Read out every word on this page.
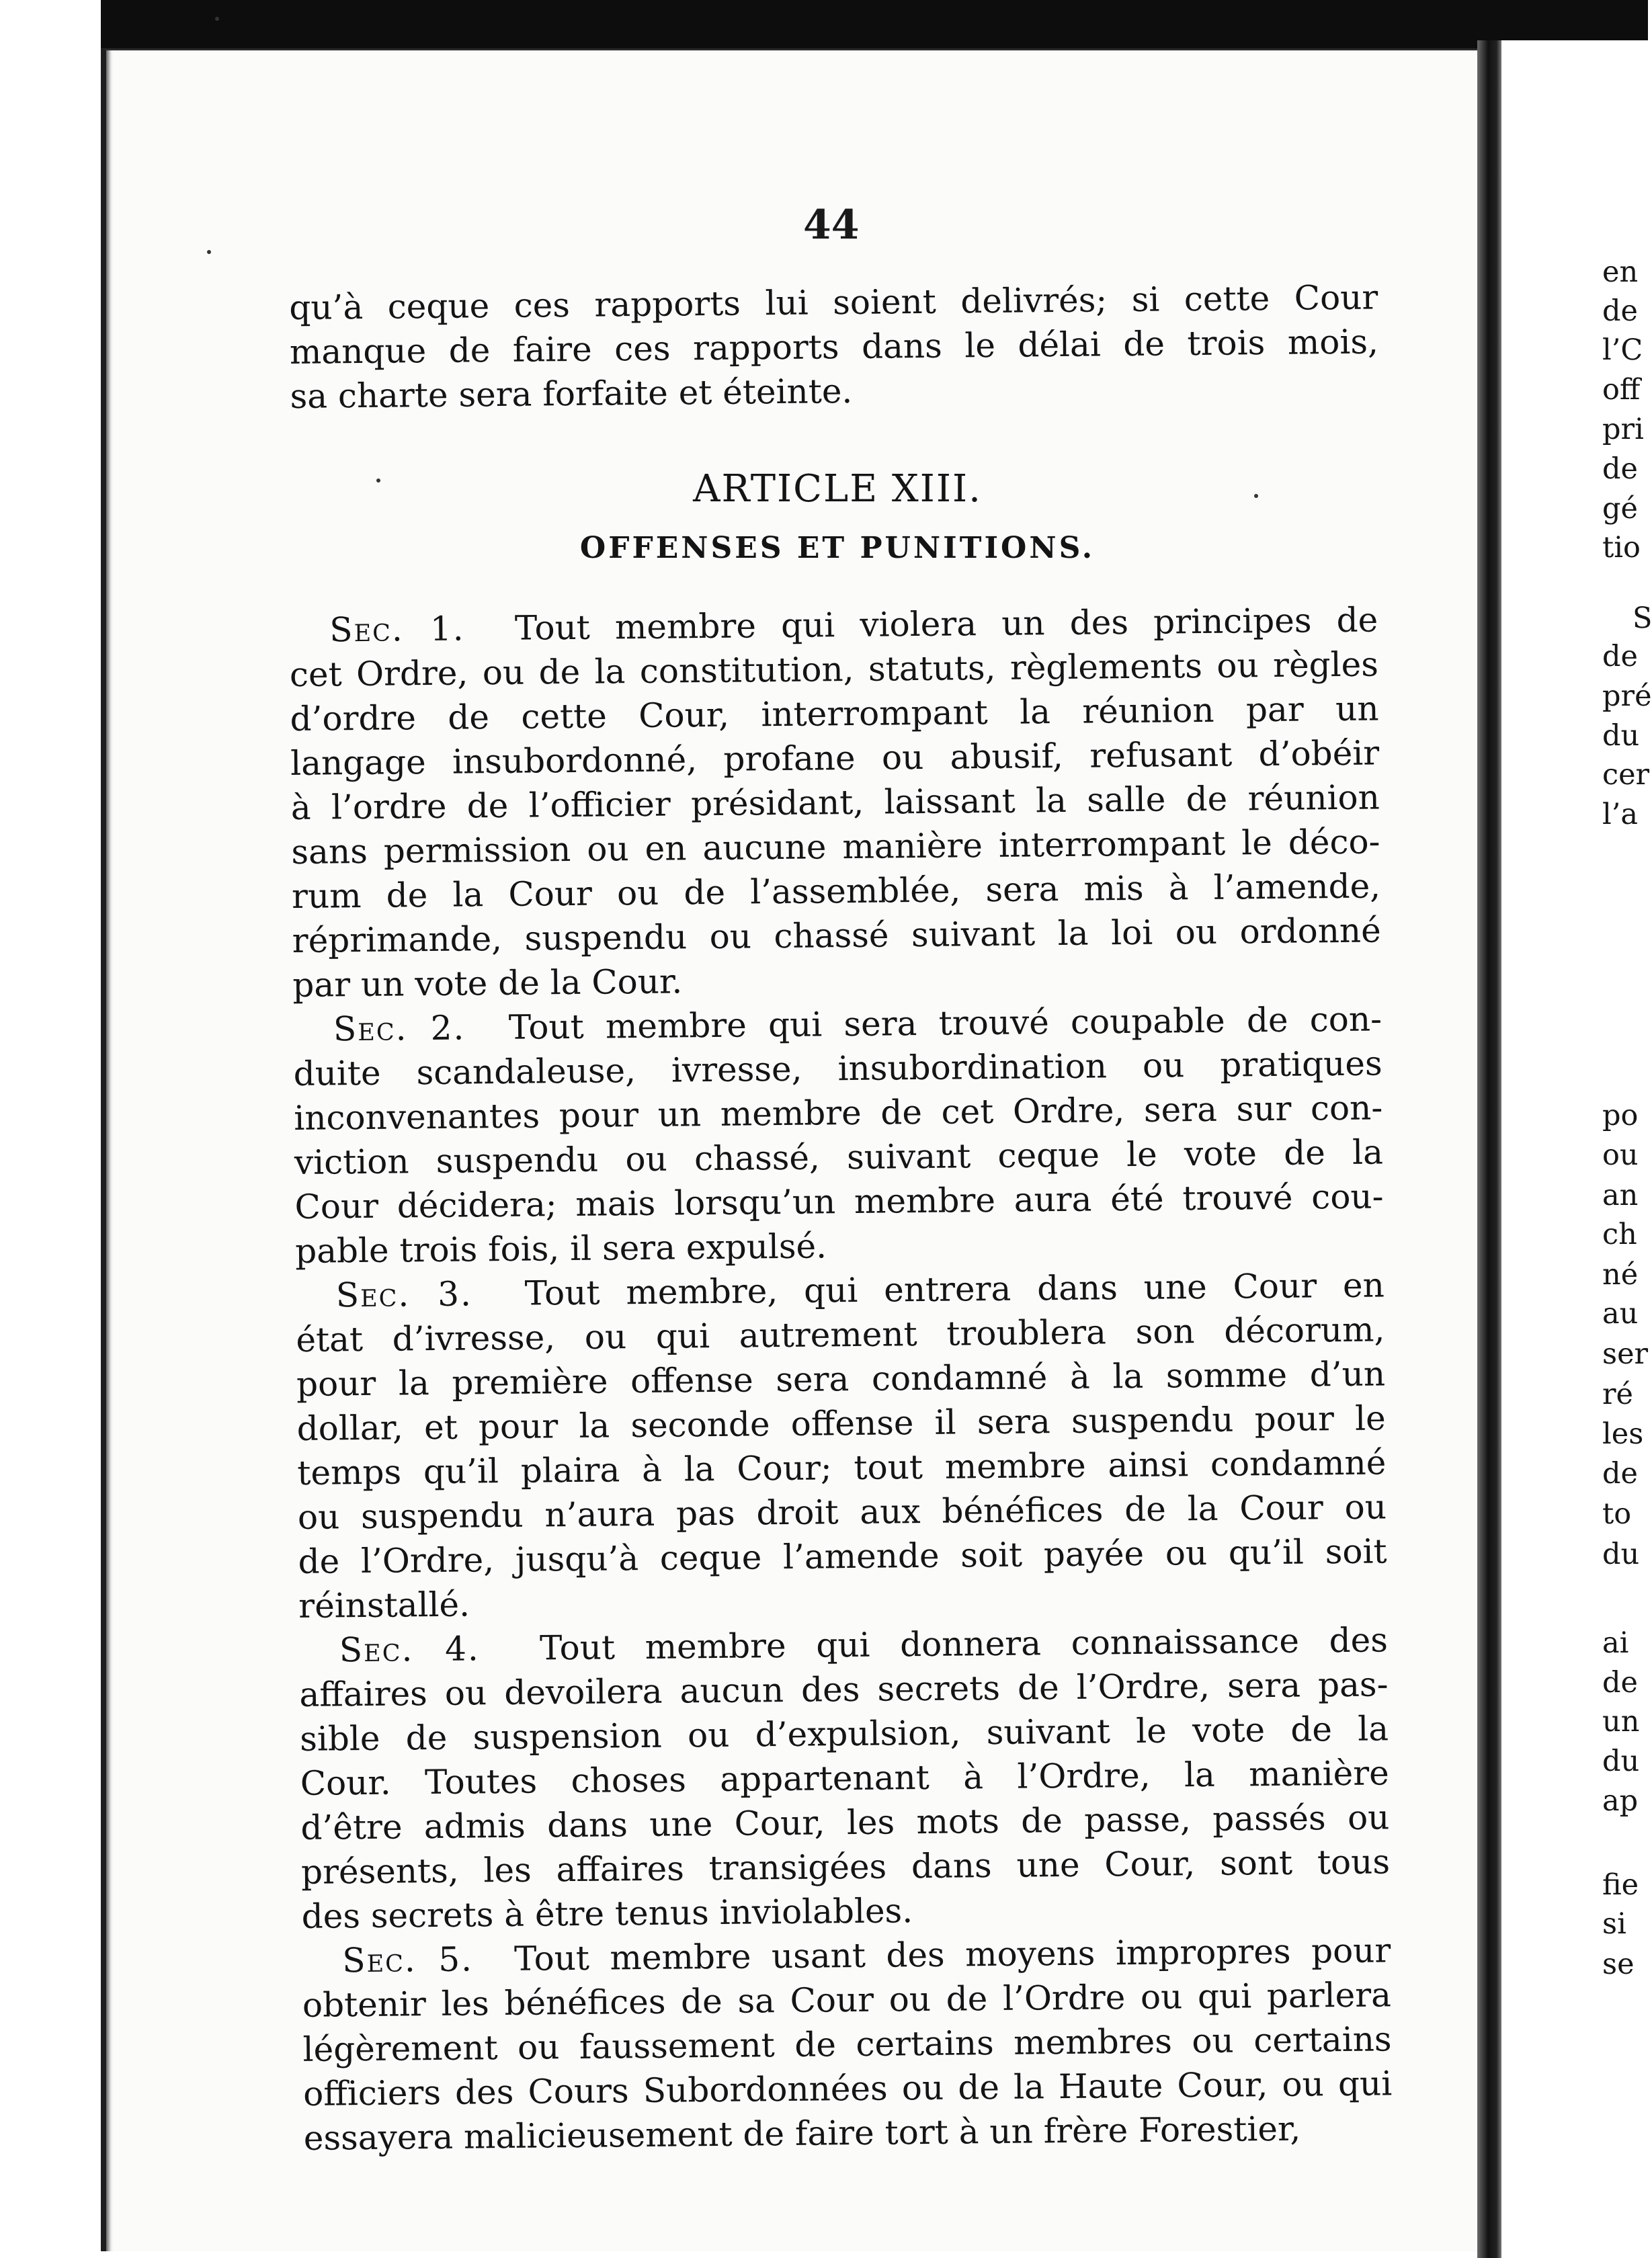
en
de
l’C
off
pri
de
gé
tio
S
de
pré
du
cer
l’a
po
ou
an
ch
né
au
ser
ré
les
de
to
du
ai
de
un
du
ap
fie
si
se
44
qu’à ceque ces rapports lui soient delivrés; si cette Cour
manque de faire ces rapports dans le délai de trois mois,
sa charte sera forfaite et éteinte.
ARTICLE XIII.
OFFENSES ET PUNITIONS.
Sec. 1. Tout membre qui violera un des principes de
cet Ordre, ou de la constitution, statuts, règlements ou règles
d’ordre de cette Cour, interrompant la réunion par un
langage insubordonné, profane ou abusif, refusant d’obéir
à l’ordre de l’officier présidant, laissant la salle de réunion
sans permission ou en aucune manière interrompant le déco-
rum de la Cour ou de l’assemblée, sera mis à l’amende,
réprimande, suspendu ou chassé suivant la loi ou ordonné
par un vote de la Cour.
Sec. 2. Tout membre qui sera trouvé coupable de con-
duite scandaleuse, ivresse, insubordination ou pratiques
inconvenantes pour un membre de cet Ordre, sera sur con-
viction suspendu ou chassé, suivant ceque le vote de la
Cour décidera; mais lorsqu’un membre aura été trouvé cou-
pable trois fois, il sera expulsé.
Sec. 3. Tout membre, qui entrera dans une Cour en
état d’ivresse, ou qui autrement troublera son décorum,
pour la première offense sera condamné à la somme d’un
dollar, et pour la seconde offense il sera suspendu pour le
temps qu’il plaira à la Cour; tout membre ainsi condamné
ou suspendu n’aura pas droit aux bénéfices de la Cour ou
de l’Ordre, jusqu’à ceque l’amende soit payée ou qu’il soit
réinstallé.
Sec. 4. Tout membre qui donnera connaissance des
affaires ou devoilera aucun des secrets de l’Ordre, sera pas-
sible de suspension ou d’expulsion, suivant le vote de la
Cour. Toutes choses appartenant à l’Ordre, la manière
d’être admis dans une Cour, les mots de passe, passés ou
présents, les affaires transigées dans une Cour, sont tous
des secrets à être tenus inviolables.
Sec. 5. Tout membre usant des moyens impropres pour
obtenir les bénéfices de sa Cour ou de l’Ordre ou qui parlera
légèrement ou faussement de certains membres ou certains
officiers des Cours Subordonnées ou de la Haute Cour, ou qui
essayera malicieusement de faire tort à un frère Forestier,
